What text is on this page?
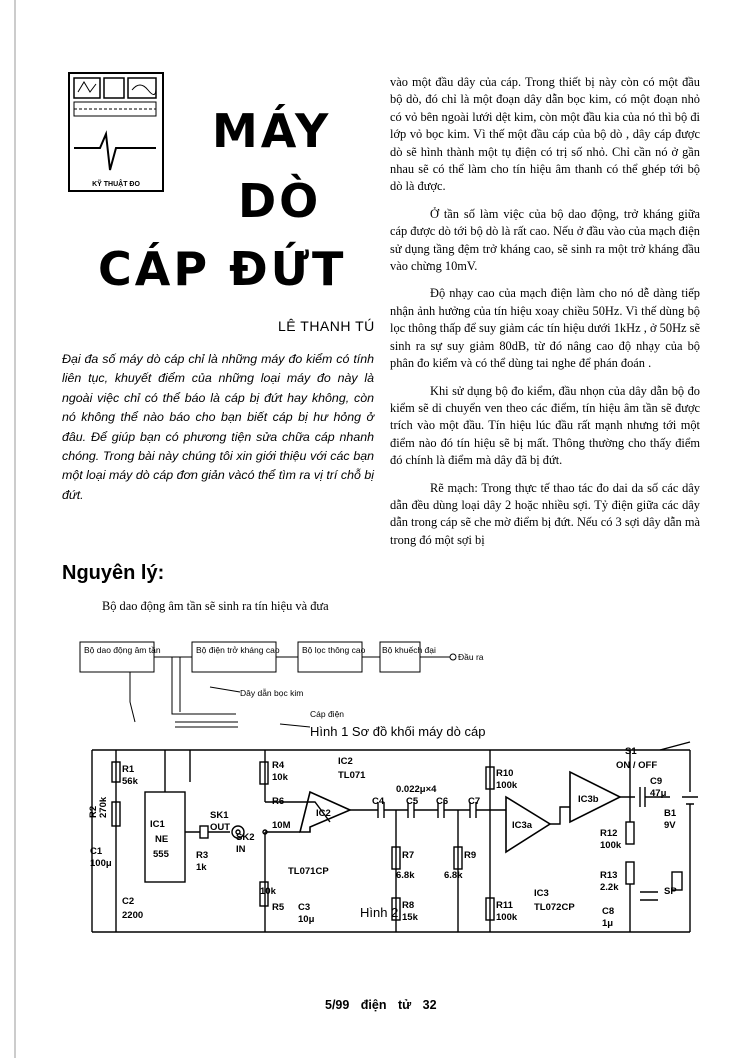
KỸ THUẬT ĐO
MÁY
DÒ
CÁP ĐỨT
LÊ THANH TÚ
Đại đa số máy dò cáp chỉ là những máy đo kiểm có tính liên tục, khuyết điểm của những loại máy đo này là ngoài việc chỉ có thể báo là cáp bị đứt hay không, còn nó không thể nào báo cho bạn biết cáp bị hư hỏng ở đâu. Để giúp bạn có phương tiện sửa chữa cáp nhanh chóng. Trong bài này chúng tôi xin giới thiệu với các bạn một loại máy dò cáp đơn giản vàcó thể tìm ra vị trí chỗ bị đứt.
Nguyên lý:
Bộ dao động âm tần sẽ sinh ra tín hiệu và đưa

vào một đầu dây của cáp. Trong thiết bị này còn có một đầu bộ dò, đó chỉ là một đoạn dây dẫn bọc kim, có một đoạn nhỏ có vỏ bên ngoài lưới dệt kim, còn một đầu kia của nó thì bộ đi lớp vỏ bọc kim. Vì thế một đầu cáp của bộ dò , dây cáp được dò sẽ hình thành một tụ điện có trị số nhỏ. Chỉ cần nó ở gần nhau sẽ có thể làm cho tín hiệu âm thanh có thể ghép tới bộ dò là được.

Ở tần số làm việc của bộ dao động, trở kháng giữa cáp được dò tới bộ dò là rất cao. Nếu ở đầu vào của mạch điện sử dụng tầng đệm trở kháng cao, sẽ sinh ra một trở kháng đầu vào chừng 10mV.

Độ nhạy cao của mạch điện làm cho nó dễ dàng tiếp nhận ảnh hưởng của tín hiệu xoay chiều 50Hz. Vì thế dùng bộ lọc thông thấp để suy giảm các tín hiệu dưới 1kHz , ở 50Hz sẽ sinh ra sự suy giảm 80dB, từ đó nâng cao độ nhạy của bộ phân đo kiểm và có thể dùng tai nghe để phán đoán .

Khi sử dụng bộ đo kiểm, đầu nhọn của dây dẫn bộ đo kiểm sẽ di chuyển ven theo các điểm, tín hiệu âm tần sẽ được trích vào một đầu. Tín hiệu lúc đầu rất mạnh nhưng tới một điểm nào đó tín hiệu sẽ bị mất. Thông thường cho thấy điểm đó chính là điểm mà dây đã bị đứt.

Rẽ mạch: Trong thực tế thao tác đo dai da số các dây dẫn đều dùng loại dây 2 hoặc nhiều sợi. Tỷ điện giữa các dây dẫn trong cáp sẽ che mờ điểm bị đứt. Nếu có 3 sợi dây dẫn mà trong đó một sợi bị

Bộ dao động âm tần	Bộ điện trở kháng cao	Bộ lọc thông cao Bộ khuếch đại
Đầu ra
Dây dẫn bọc kim
Cáp điện
Hình 1 Sơ đồ khối máy dò cáp
R1
56k
R2 270k
C1
100μ
C2
2200
IC1
NE
555	R3
1k
SK1
OUT
SK2
IN
R4
10k
R6
10M
10k
R5 C3
10μ
IC2
TL071
IC2
TL071CP
0.022μ×4
C4 C5 C6 C7
R7
6.8k
R9
6.8k
R8
15k
R10
100k
R11
100k
IC3a
IC3b
IC3
TL072CP
S1
ON / OFF
C9
47μ
B1
9V
R12
100k
R13
2.2k
C8
1μ
SP
Hình 2
5/99 điện tử 32
